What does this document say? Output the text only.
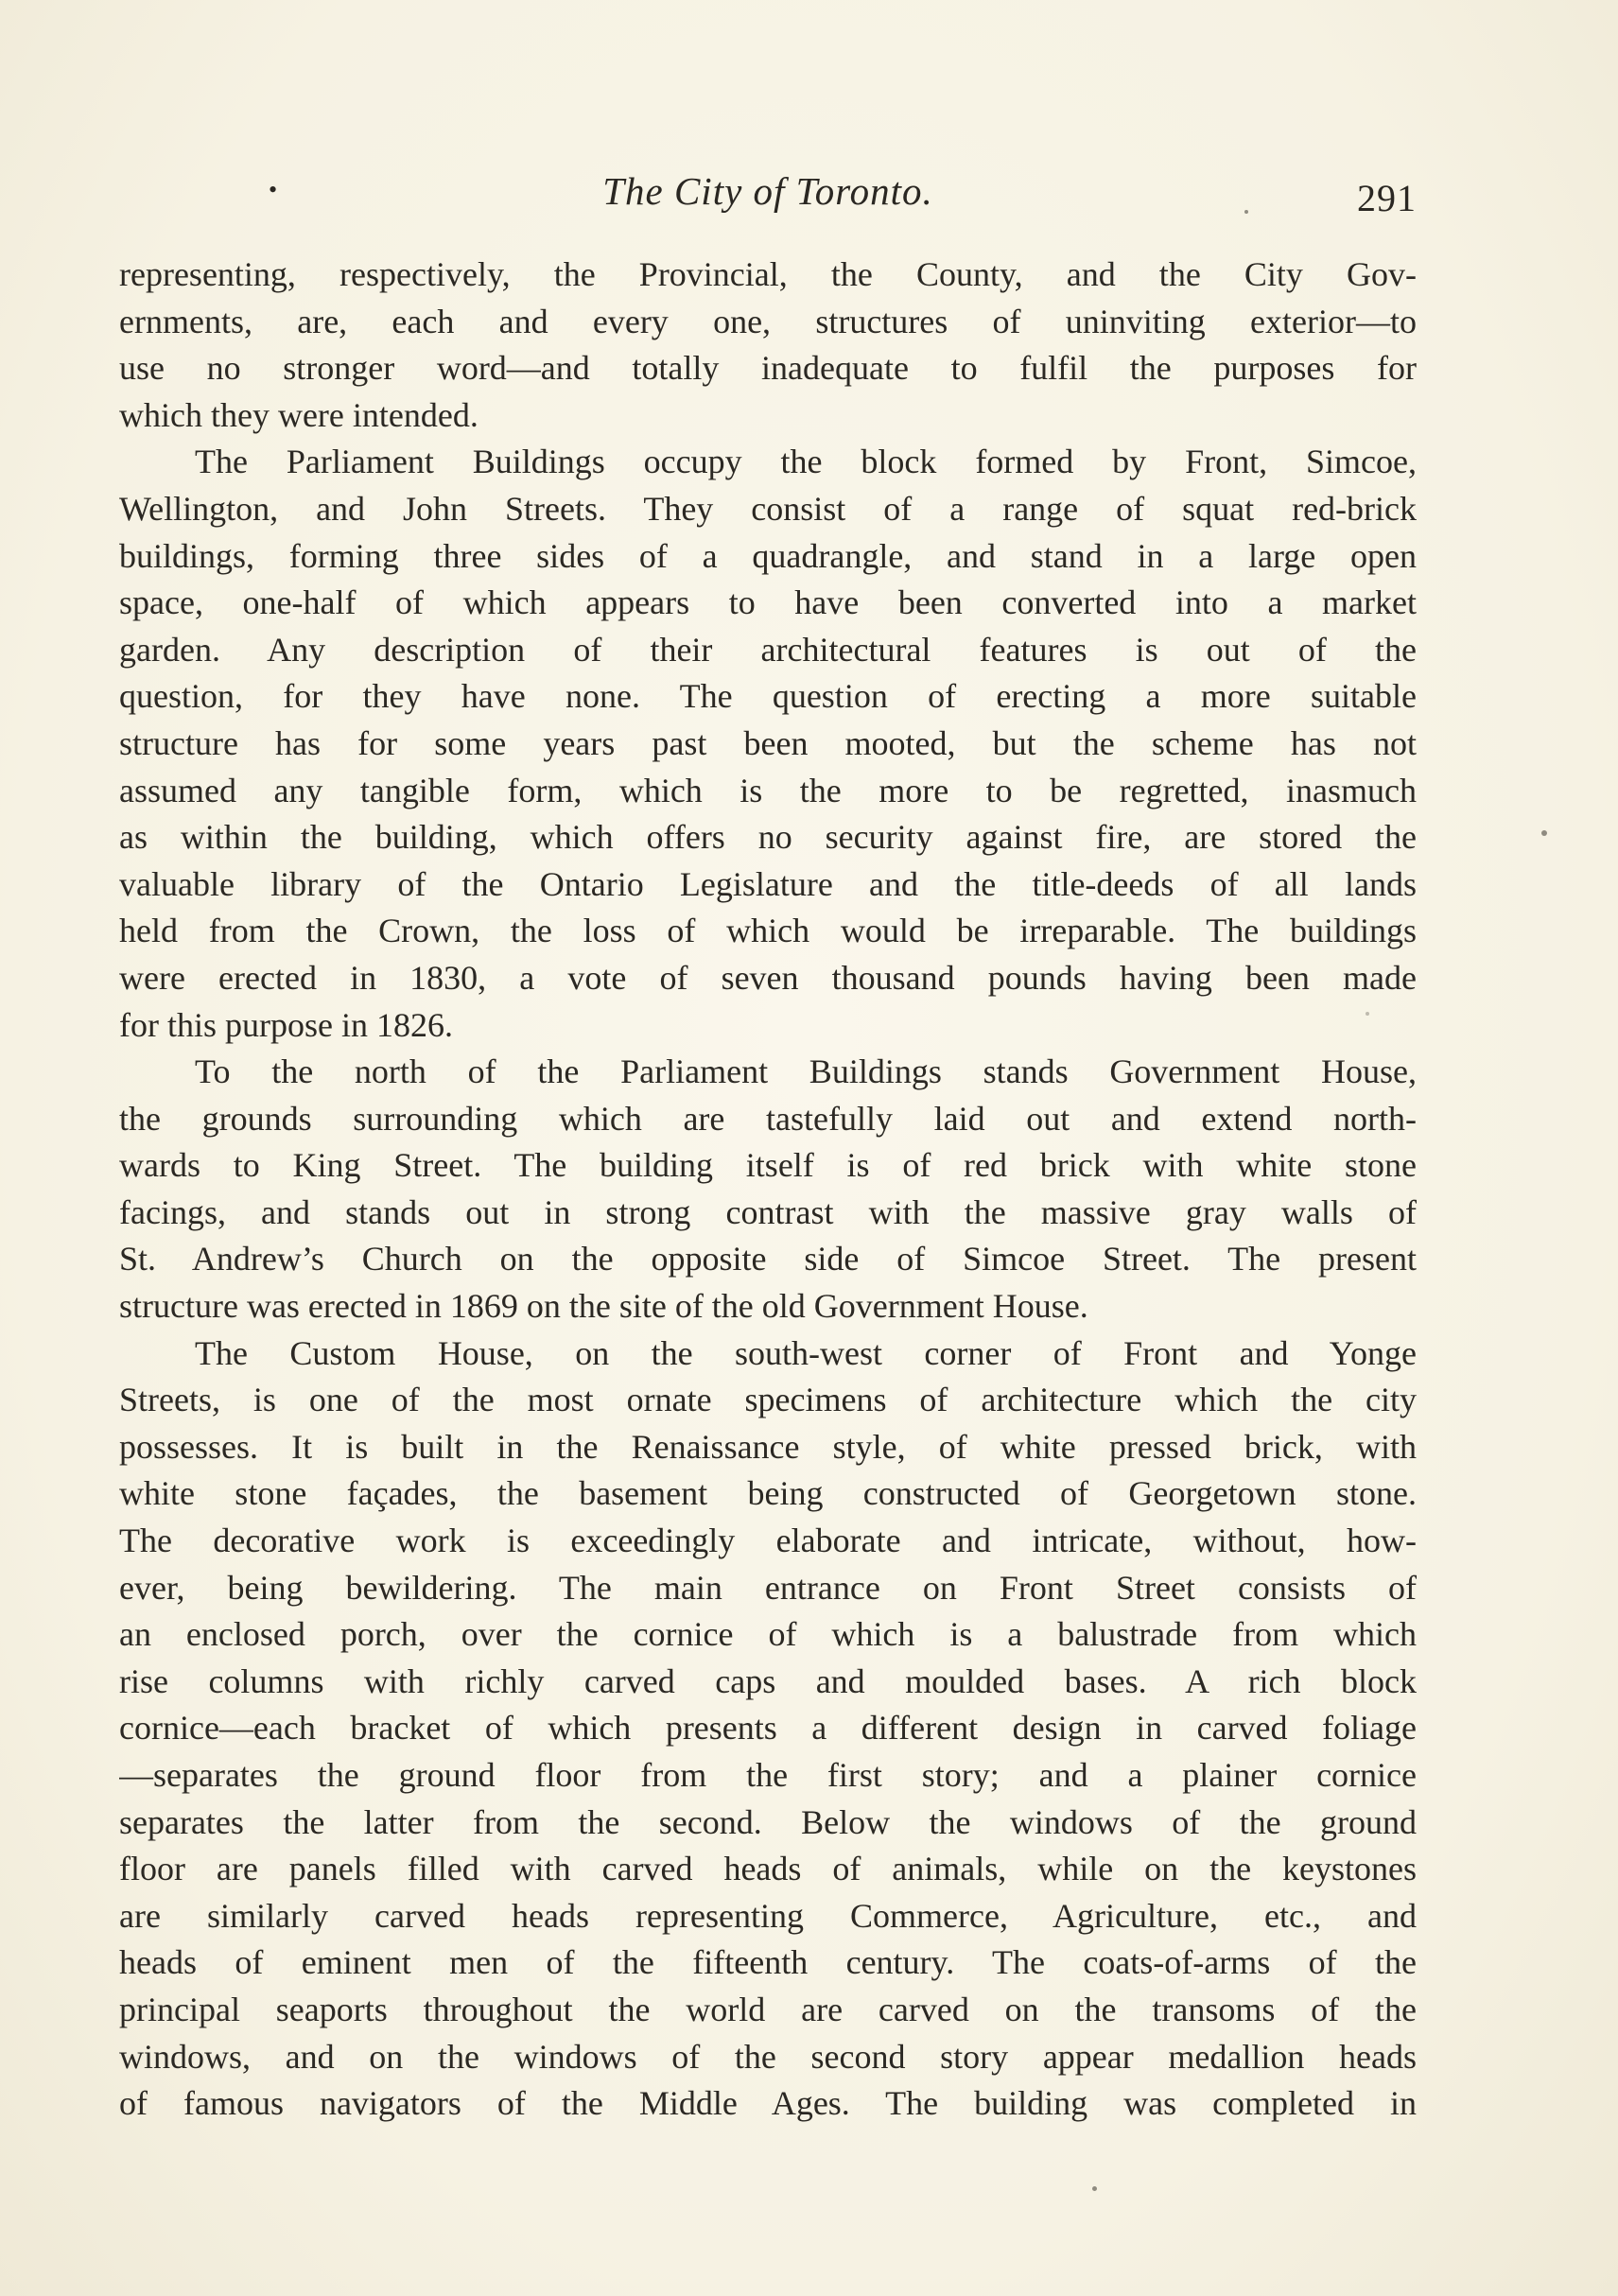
•	The City of Toronto.	291
representing, respectively, the Provincial, the County, and the City Gov-
ernments, are, each and every one, structures of uninviting exterior—to
use no stronger word—and totally inadequate to fulfil the purposes for
which they were intended.
The Parliament Buildings occupy the block formed by Front, Simcoe,
Wellington, and John Streets. They consist of a range of squat red-brick
buildings, forming three sides of a quadrangle, and stand in a large open
space, one-half of which appears to have been converted into a market
garden. Any description of their architectural features is out of the
question, for they have none. The question of erecting a more suitable
structure has for some years past been mooted, but the scheme has not
assumed any tangible form, which is the more to be regretted, inasmuch
as within the building, which offers no security against fire, are stored the
valuable library of the Ontario Legislature and the title-deeds of all lands
held from the Crown, the loss of which would be irreparable. The buildings
were erected in 1830, a vote of seven thousand pounds having been made
for this purpose in 1826.
To the north of the Parliament Buildings stands Government House,
the grounds surrounding which are tastefully laid out and extend north-
wards to King Street. The building itself is of red brick with white stone
facings, and stands out in strong contrast with the massive gray walls of
St. Andrew’s Church on the opposite side of Simcoe Street. The present
structure was erected in 1869 on the site of the old Government House.
The Custom House, on the south-west corner of Front and Yonge
Streets, is one of the most ornate specimens of architecture which the city
possesses. It is built in the Renaissance style, of white pressed brick, with
white stone façades, the basement being constructed of Georgetown stone.
The decorative work is exceedingly elaborate and intricate, without, how-
ever, being bewildering. The main entrance on Front Street consists of
an enclosed porch, over the cornice of which is a balustrade from which
rise columns with richly carved caps and moulded bases. A rich block
cornice—each bracket of which presents a different design in carved foliage
—separates the ground floor from the first story; and a plainer cornice
separates the latter from the second. Below the windows of the ground
floor are panels filled with carved heads of animals, while on the keystones
are similarly carved heads representing Commerce, Agriculture, etc., and
heads of eminent men of the fifteenth century. The coats-of-arms of the
principal seaports throughout the world are carved on the transoms of the
windows, and on the windows of the second story appear medallion heads
of famous navigators of the Middle Ages. The building was completed in
